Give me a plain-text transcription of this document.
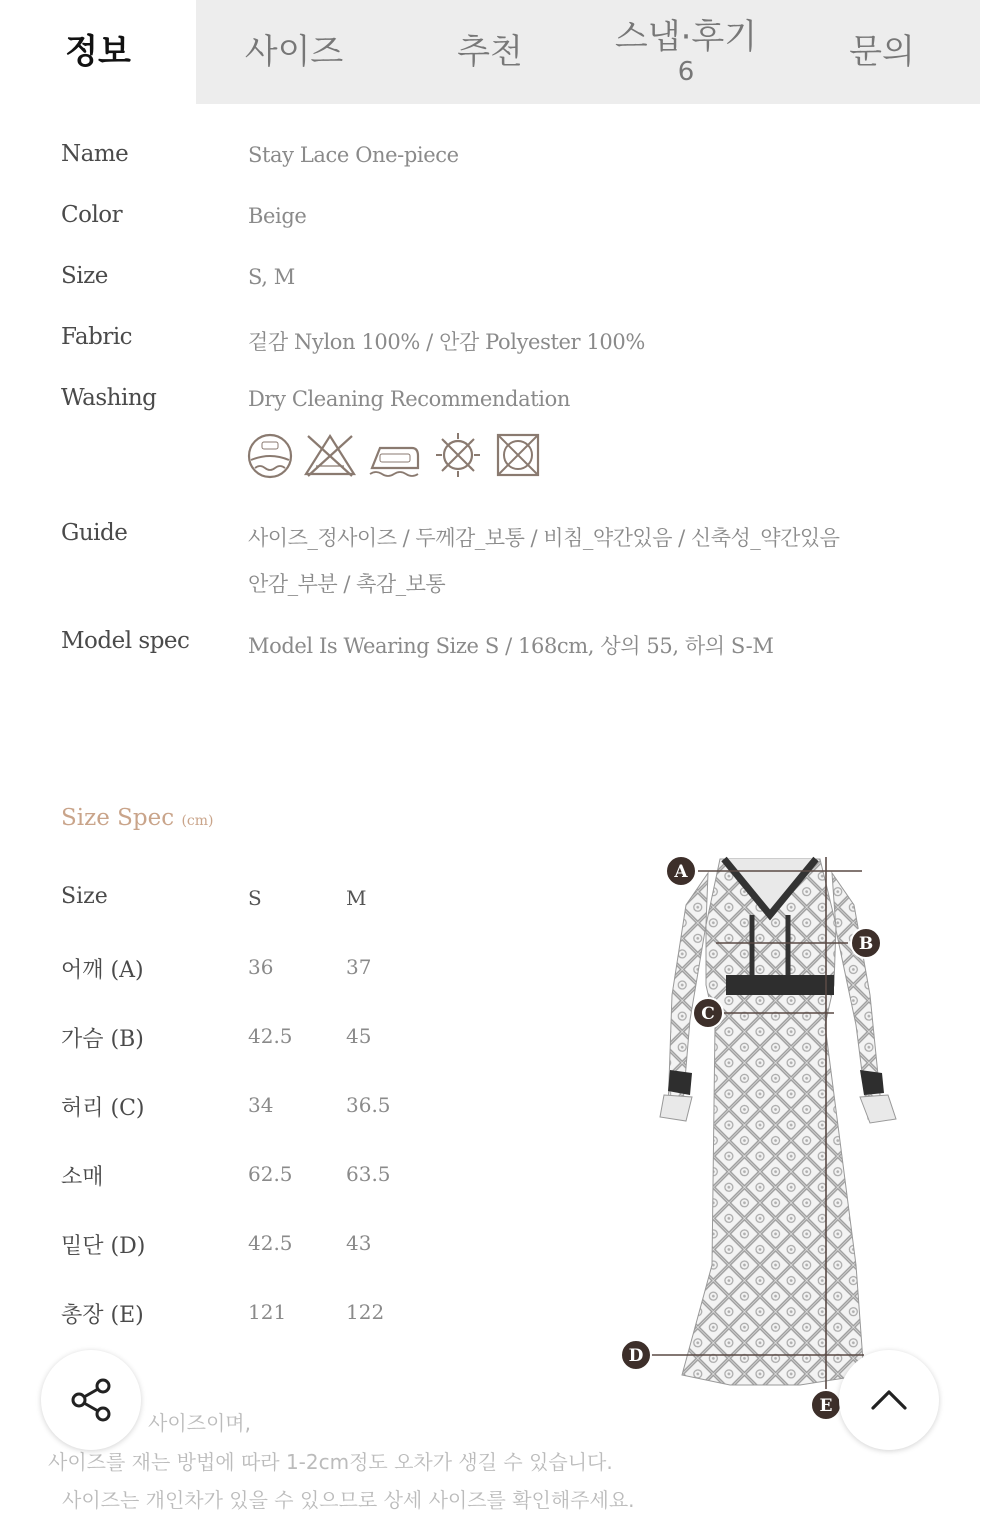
정보	사이즈	추천	스냅·후기
6	문의
Name	Stay Lace One-piece
Color	Beige
Size	S, M
Fabric	겉감 Nylon 100% / 안감 Polyester 100%
Washing	Dry Cleaning Recommendation
Guide	사이즈_정사이즈 / 두께감_보통 / 비침_약간있음 / 신축성_약간있음
안감_부분 / 촉감_보통
Model spec	Model Is Wearing Size S / 168cm, 상의 55, 하의 S-M
Size Spec (cm)
Size	S	M
어깨 (A)	36	37
가슴 (B)	42.5	45
허리 (C)	34	36.5
소매	62.5	63.5
밑단 (D)	42.5	43
총장 (E)	121	122
A
B
C
D
E
사이즈이며,
사이즈를 재는 방법에 따라 1-2cm정도 오차가 생길 수 있습니다.
사이즈는 개인차가 있을 수 있으므로 상세 사이즈를 확인해주세요.
